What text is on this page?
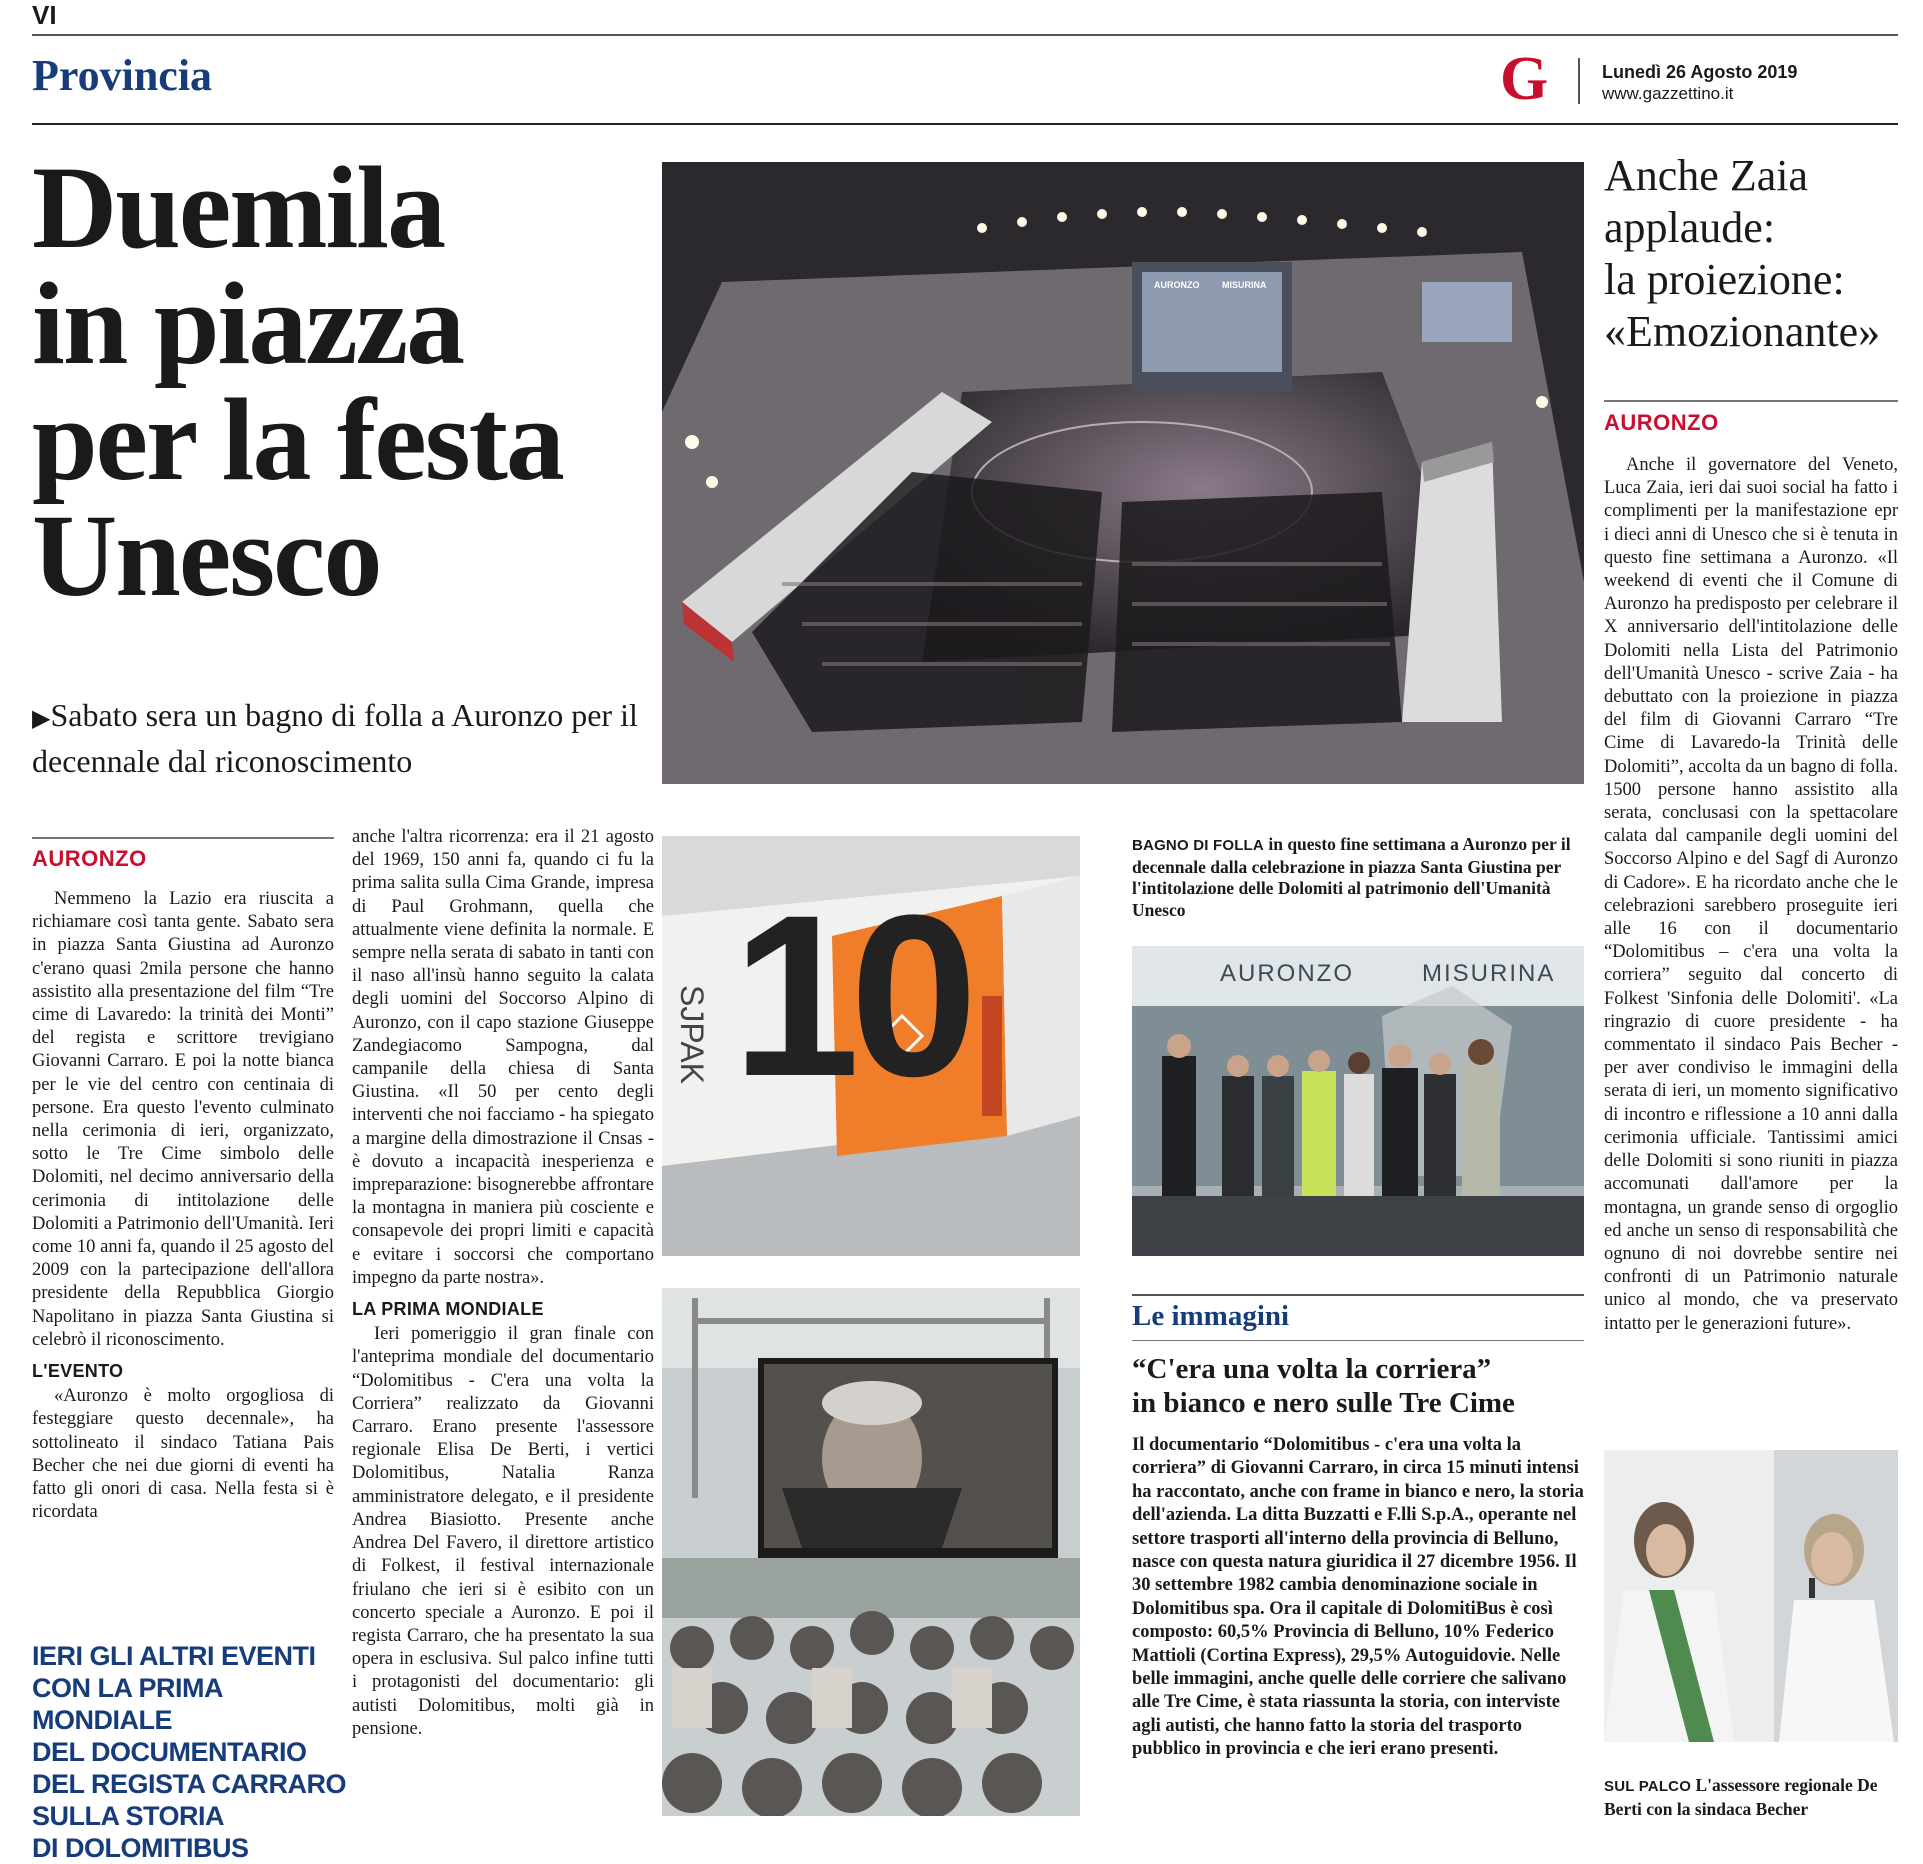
VI
Provincia	G	Lunedì 26 Agosto 2019
www.gazzettino.it
Duemila
in piazza
per la festa
Unesco
▶Sabato sera un bagno di folla a Auronzo per il decennale dal riconoscimento
AURONZO

Nemmeno la Lazio era riuscita a richiamare così tanta gente. Sabato sera in piazza Santa Giustina ad Auronzo c'erano quasi 2mila persone che hanno assistito alla presentazione del film “Tre cime di Lavaredo: la trinità dei Monti” del regista e scrittore trevigiano Giovanni Carraro. E poi la notte bianca per le vie del centro con centinaia di persone. Era questo l'evento culminato nella cerimonia di ieri, organizzato, sotto le Tre Cime simbolo delle Dolomiti, nel decimo anniversario della cerimonia di intitolazione delle Dolomiti a Patrimonio dell'Umanità. Ieri come 10 anni fa, quando il 25 agosto del 2009 con la partecipazione dell'allora presidente della Repubblica Giorgio Napolitano in piazza Santa Giustina si celebrò il riconoscimento.

L'EVENTO

«Auronzo è molto orgogliosa di festeggiare questo decennale», ha sottolineato il sindaco Tatiana Pais Becher che nei due giorni di eventi ha fatto gli onori di casa. Nella festa si è ricordata

IERI GLI ALTRI EVENTI
CON LA PRIMA MONDIALE
DEL DOCUMENTARIO
DEL REGISTA CARRARO
SULLA STORIA
DI DOLOMITIBUS

anche l'altra ricorrenza: era il 21 agosto del 1969, 150 anni fa, quando ci fu la prima salita sulla Cima Grande, impresa di Paul Grohmann, quella che attualmente viene definita la normale. E sempre nella serata di sabato in tanti con il naso all'insù hanno seguito la calata degli uomini del Soccorso Alpino di Auronzo, con il capo stazione Giuseppe Zandegiacomo Sampogna, dal campanile della chiesa di Santa Giustina. «Il 50 per cento degli interventi che noi facciamo - ha spiegato a margine della dimostrazione il Cnsas - è dovuto a incapacità inesperienza e impreparazione: bisognerebbe affrontare la montagna in maniera più cosciente e consapevole dei propri limiti e capacità e evitare i soccorsi che comportano impegno da parte nostra».

LA PRIMA MONDIALE

Ieri pomeriggio il gran finale con l'anteprima mondiale del documentario “Dolomitibus - C'era una volta la Corriera” realizzato da Giovanni Carraro. Erano presente l'assessore regionale Elisa De Berti, i vertici Dolomitibus, Natalia Ranza amministratore delegato, e il presidente Andrea Biasiotto. Presente anche Andrea Del Favero, il direttore artistico di Folkest, il festival internazionale friulano che ieri si è esibito con un concerto speciale a Auronzo. E poi il regista Carraro, che ha presentato la sua opera in esclusiva. Sul palco infine tutti i protagonisti del documentario: gli autisti Dolomitibus, molti già in pensione.

AURONZO	MISURINA
10
SJPAK
BAGNO DI FOLLA in questo fine settimana a Auronzo per il decennale dalla celebrazione in piazza Santa Giustina per l'intitolazione delle Dolomiti al patrimonio dell'Umanità Unesco
AURONZO	MISURINA
Le immagini
“C'era una volta la corriera”
in bianco e nero sulle Tre Cime
Il documentario “Dolomitibus - c'era una volta la corriera” di Giovanni Carraro, in circa 15 minuti intensi ha raccontato, anche con frame in bianco e nero, la storia dell'azienda. La ditta Buzzatti e F.lli S.p.A., operante nel settore trasporti all'interno della provincia di Belluno, nasce con questa natura giuridica il 27 dicembre 1956. Il 30 settembre 1982 cambia denominazione sociale in Dolomitibus spa. Ora il capitale di DolomitiBus è così composto: 60,5% Provincia di Belluno, 10% Federico Mattioli (Cortina Express), 29,5% Autoguidovie. Nelle belle immagini, anche quelle delle corriere che salivano alle Tre Cime, è stata riassunta la storia, con interviste agli autisti, che hanno fatto la storia del trasporto pubblico in provincia e che ieri erano presenti.
Anche Zaia
applaude:
la proiezione:
«Emozionante»
AURONZO

Anche il governatore del Veneto, Luca Zaia, ieri dai suoi social ha fatto i complimenti per la manifestazione epr i dieci anni di Unesco che si è tenuta in questo fine settimana a Auronzo. «Il weekend di eventi che il Comune di Auronzo ha predisposto per celebrare il X anniversario dell'intitolazione delle Dolomiti nella Lista del Patrimonio dell'Umanità Unesco - scrive Zaia - ha debuttato con la proiezione in piazza del film di Giovanni Carraro “Tre Cime di Lavaredo-la Trinità delle Dolomiti”, accolta da un bagno di folla. 1500 persone hanno assistito alla serata, conclusasi con la spettacolare calata dal campanile degli uomini del Soccorso Alpino e del Sagf di Auronzo di Cadore». E ha ricordato anche che le celebrazioni sarebbero proseguite ieri alle 16 con il documentario “Dolomitibus – c'era una volta la corriera” seguito dal concerto di Folkest 'Sinfonia delle Dolomiti'. «La ringrazio di cuore presidente - ha commentato il sindaco Pais Becher - per aver condiviso le immagini della serata di ieri, un momento significativo di incontro e riflessione a 10 anni dalla cerimonia ufficiale. Tantissimi amici delle Dolomiti si sono riuniti in piazza accomunati dall'amore per la montagna, un grande senso di orgoglio ed anche un senso di responsabilità che ognuno di noi dovrebbe sentire nei confronti di un Patrimonio naturale unico al mondo, che va preservato intatto per le generazioni future».

SUL PALCO L'assessore regionale De Berti con la sindaca Becher
